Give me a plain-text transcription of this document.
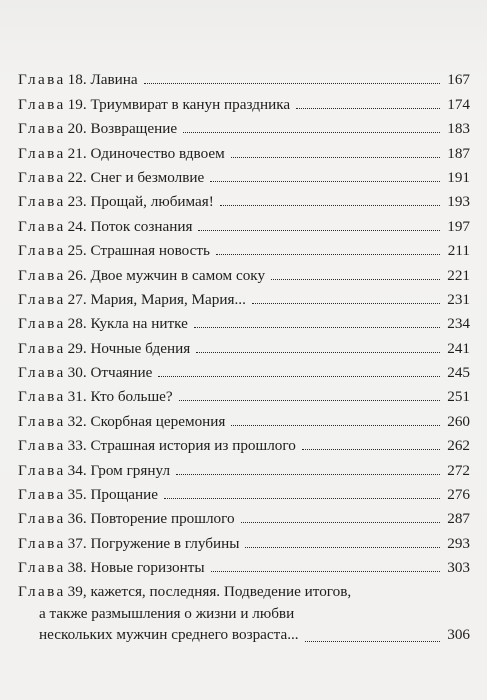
Глава 18 . Лавина	167
Глава 19 . Триумвират в канун праздника	174
Глава 20 . Возвращение	183
Глава 21 . Одиночество вдвоем	187
Глава 22 . Снег и безмолвие	191
Глава 23 . Прощай, любимая!	193
Глава 24 . Поток сознания	197
Глава 25 . Страшная новость	211
Глава 26 . Двое мужчин в самом соку	221
Глава 27 . Мария, Мария, Мария...	231
Глава 28 . Кукла на нитке	234
Глава 29 . Ночные бдения	241
Глава 30 . Отчаяние	245
Глава 31 . Кто больше?	251
Глава 32 . Скорбная церемония	260
Глава 33 . Страшная история из прошлого	262
Глава 34 . Гром грянул	272
Глава 35 . Прощание	276
Глава 36 . Повторение прошлого	287
Глава 37 . Погружение в глубины	293
Глава 38 . Новые горизонты	303
Глава 39 , кажется, последняя. Подведение итогов,
а также размышления о жизни и любви
нескольких мужчин среднего возраста...	306
